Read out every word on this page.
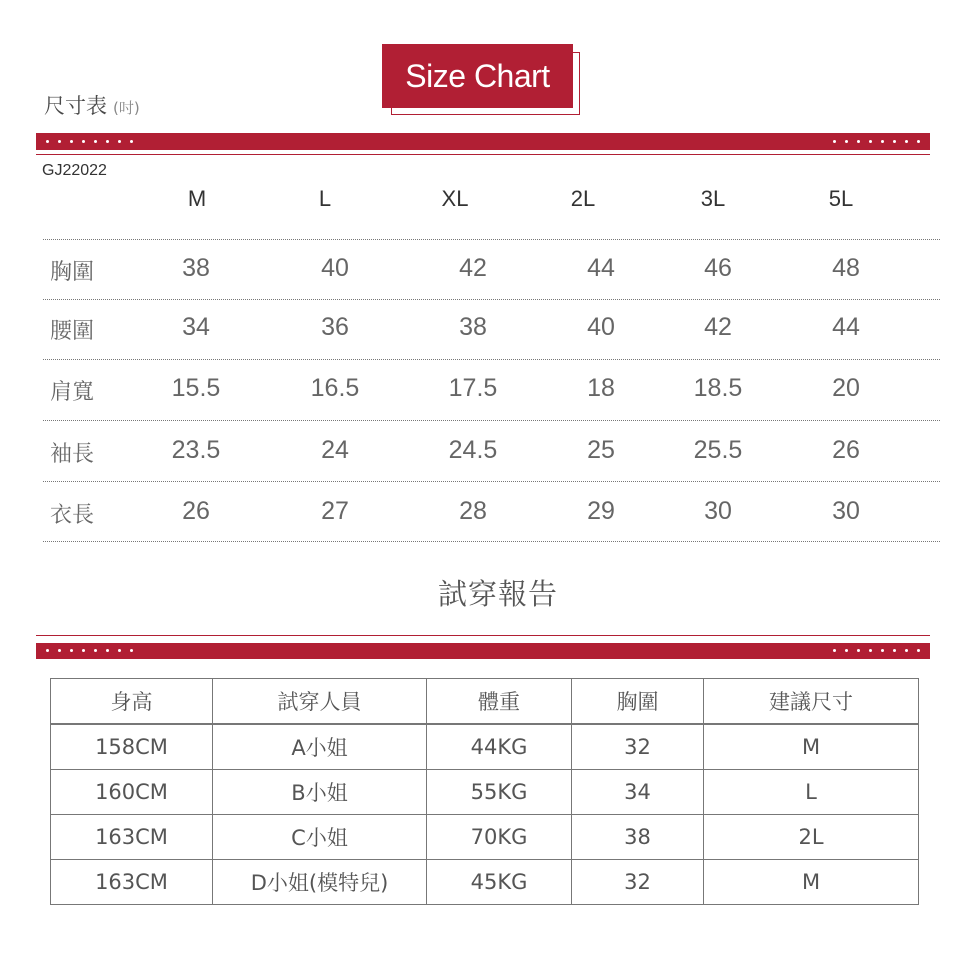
Size Chart
尺寸表 (吋)
GJ22022
M	L	XL	2L	3L	5L
胸圍	38	40	42	44	46	48
腰圍	34	36	38	40	42	44
肩寬	15.5	16.5	17.5	18	18.5	20
袖長	23.5	24	24.5	25	25.5	26
衣長	26	27	28	29	30	30
試穿報告
身高	試穿人員	體重	胸圍	建議尺寸
158CM	A小姐	44KG	32	M
160CM	B小姐	55KG	34	L
163CM	C小姐	70KG	38	2L
163CM	D小姐(模特兒)	45KG	32	M
